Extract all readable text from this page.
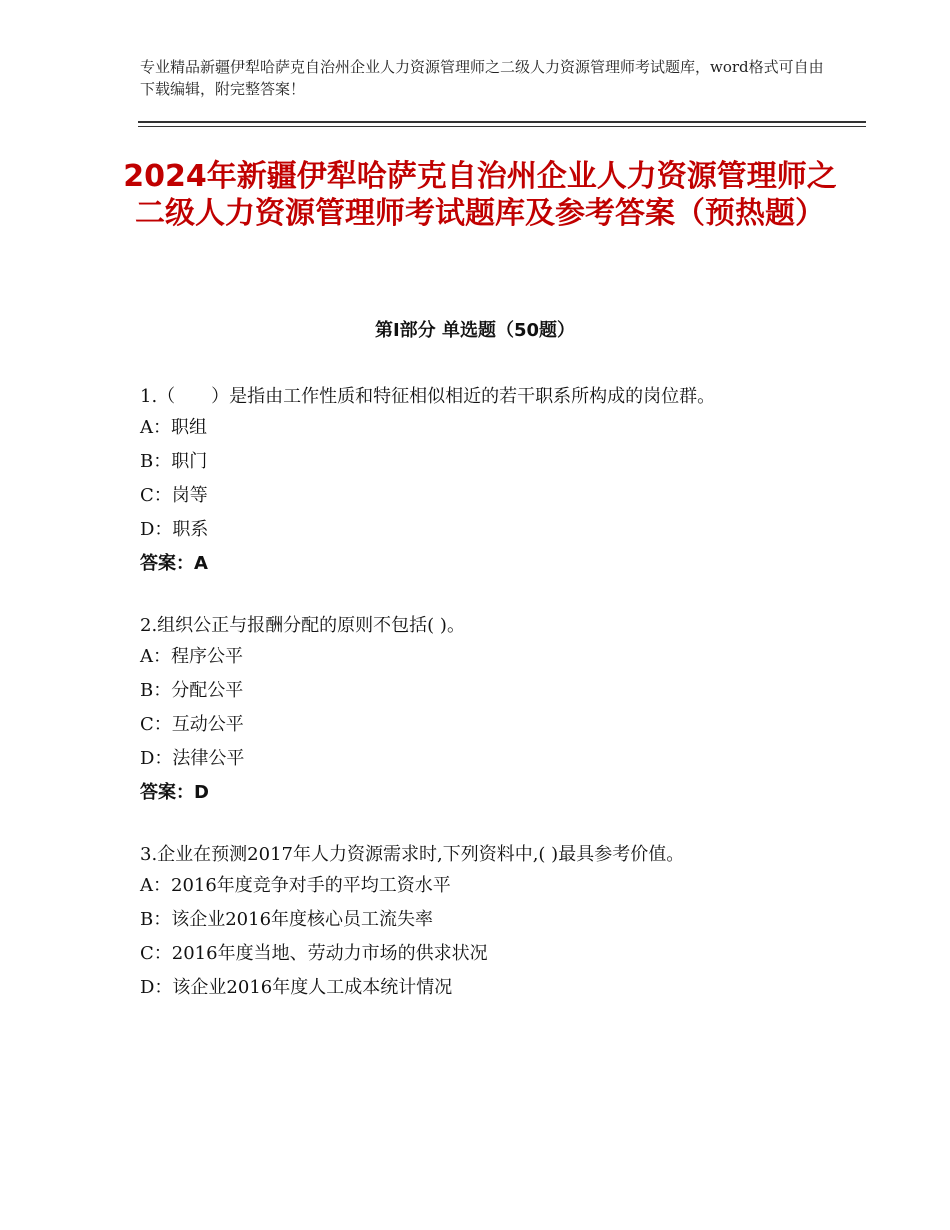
专业精品新疆伊犁哈萨克自治州企业人力资源管理师之二级人力资源管理师考试题库，word格式可自由下载编辑，附完整答案！
2024年新疆伊犁哈萨克自治州企业人力资源管理师之二级人力资源管理师考试题库及参考答案（预热题）
第Ⅰ部分 单选题（50题）
1.（　　）是指由工作性质和特征相似相近的若干职系所构成的岗位群。
A：职组
B：职门
C：岗等
D：职系
答案：A
2.组织公正与报酬分配的原则不包括( )。
A：程序公平
B：分配公平
C：互动公平
D：法律公平
答案：D
3.企业在预测2017年人力资源需求时,下列资料中,( )最具参考价值。
A：2016年度竞争对手的平均工资水平
B：该企业2016年度核心员工流失率
C：2016年度当地、劳动力市场的供求状况
D：该企业2016年度人工成本统计情况
